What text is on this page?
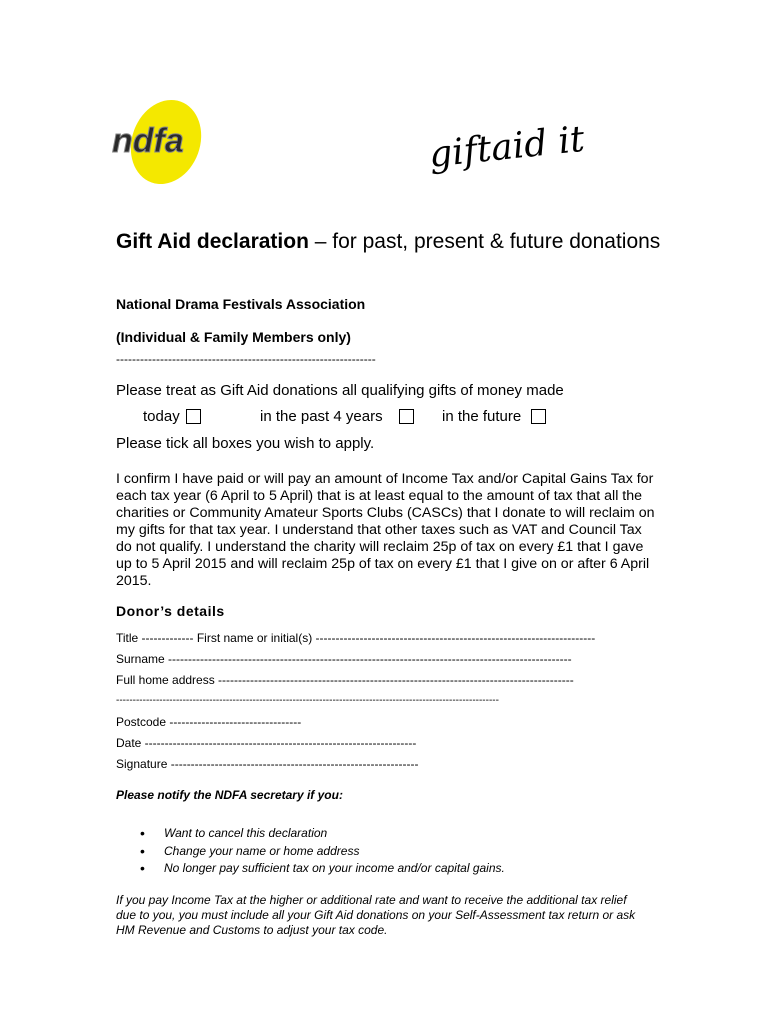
ndfa	giftaid it
Gift Aid declaration – for past, present & future donations
National Drama Festivals Association
(Individual & Family Members only)
-----------------------------------------------------------------
Please treat as Gift Aid donations all qualifying gifts of money made
today	in the past 4 years	in the future
Please tick all boxes you wish to apply.
I confirm I have paid or will pay an amount of Income Tax and/or Capital Gains Tax for each tax year (6 April to 5 April) that is at least equal to the amount of tax that all the charities or Community Amateur Sports Clubs (CASCs) that I donate to will reclaim on my gifts for that tax year. I understand that other taxes such as VAT and Council Tax do not qualify. I understand the charity will reclaim 25p of tax on every £1 that I gave up to 5 April 2015 and will reclaim 25p of tax on every £1 that I give on or after 6 April 2015.
Donor’s details
Title ------------- First name or initial(s) ----------------------------------------------------------------------
Surname -----------------------------------------------------------------------------------------------------
Full home address -----------------------------------------------------------------------------------------
-------------------------------------------------------------------------------------------------------------------
Postcode ---------------------------------
Date --------------------------------------------------------------------
Signature --------------------------------------------------------------
Please notify the NDFA secretary if you:
•	Want to cancel this declaration
•	Change your name or home address
•	No longer pay sufficient tax on your income and/or capital gains.
If you pay Income Tax at the higher or additional rate and want to receive the additional tax relief due to you, you must include all your Gift Aid donations on your Self-Assessment tax return or ask HM Revenue and Customs to adjust your tax code.
